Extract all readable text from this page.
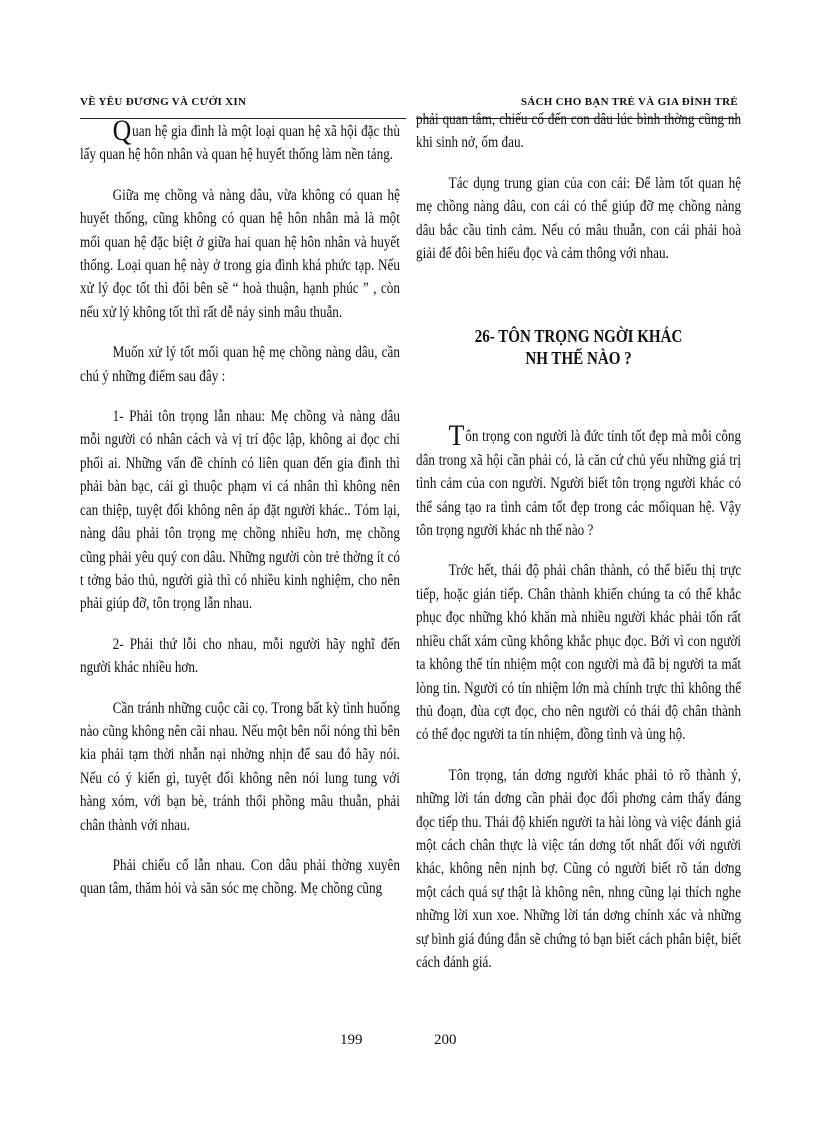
VỀ YÊU ĐƯƠNG VÀ CƯỚI XIN

Quan hệ gia đình là một loại quan hệ xã hội đặc thù lấy quan hệ hôn nhân và quan hệ huyết thống làm nền tảng.

Giữa mẹ chồng và nàng dâu, vừa không có quan hệ huyết thống, cũng không có quan hệ hôn nhân mà là một mối quan hệ đặc biệt ở giữa hai quan hệ hôn nhân và huyết thống. Loại quan hệ này ở trong gia đình khá phức tạp. Nếu xử lý đọc tốt thì đôi bên sẽ “ hoà thuận, hạnh phúc ” , còn nếu xử lý không tốt thì rất dễ nảy sinh mâu thuẫn.

Muốn xử lý tốt mối quan hệ mẹ chồng nàng dâu, cần chú ý những điểm sau đây :

1- Phải tôn trọng lẫn nhau: Mẹ chồng và nàng dâu mỗi người có nhân cách và vị trí độc lập, không ai đọc chi phối ai. Những vấn đề chính có liên quan đến gia đình thì phải bàn bạc, cái gì thuộc phạm vi cá nhân thì không nên can thiệp, tuyệt đối không nên áp đặt người khác.. Tóm lại, nàng dâu phải tôn trọng mẹ chồng nhiều hơn, mẹ chồng cũng phải yêu quý con dâu. Những người còn trẻ thờng ít có t tởng bảo thủ, người già thì có nhiều kinh nghiệm, cho nên phải giúp đỡ, tôn trọng lẫn nhau.

2- Phải thứ lỗi cho nhau, mỗi người hãy nghĩ đến người khác nhiều hơn.

Cần tránh những cuộc cãi cọ. Trong bất kỳ tình huống nào cũng không nên cãi nhau. Nếu một bên nổi nóng thì bên kia phải tạm thời nhẫn nại nhờng nhịn để sau đó hãy nói. Nếu có ý kiến gì, tuyệt đối không nên nói lung tung với hàng xóm, với bạn bè, tránh thổi phồng mâu thuẫn, phải chân thành với nhau.

Phải chiếu cố lẫn nhau. Con dâu phải thờng xuyên quan tâm, thăm hỏi và săn sóc mẹ chồng. Mẹ chồng cũng

199
SÁCH CHO BẠN TRẺ VÀ GIA ĐÌNH TRẺ

phải quan tâm, chiếu cố đến con dâu lúc bình thờng cũng nh khi sinh nở, ốm đau.

Tác dụng trung gian của con cái: Để làm tốt quan hệ mẹ chồng nàng dâu, con cái có thể giúp đỡ mẹ chồng nàng dâu bắc cầu tình cảm. Nếu có mâu thuẫn, con cái phải hoà giải để đôi bên hiểu đọc và cảm thông với nhau.

26- TÔN TRỌNG NGỜI KHÁC
NH THẾ NÀO ?

Tôn trọng con người là đức tính tốt đẹp mà mỗi công dân trong xã hội cần phải có, là căn cứ chủ yếu những giá trị tình cảm của con người. Người biết tôn trọng người khác có thể sáng tạo ra tình cảm tốt đẹp trong các mốiquan hệ. Vậy tôn trọng người khác nh thế nào ?

Trớc hết, thái độ phải chân thành, có thể biểu thị trực tiếp, hoặc gián tiếp. Chân thành khiến chúng ta có thể khắc phục đọc những khó khăn mà nhiều người khác phải tốn rất nhiều chất xám cũng không khắc phục đọc. Bởi vì con người ta không thể tín nhiệm một con người mà đã bị người ta mất lòng tin. Người có tín nhiệm lớn mà chính trực thì không thể thủ đoạn, đùa cợt đọc, cho nên người có thái độ chân thành có thể đọc người ta tín nhiệm, đồng tình và ủng hộ.

Tôn trọng, tán dơng người khác phải tỏ rõ thành ý, những lời tán dơng cần phải đọc đối phơng cảm thấy đáng đọc tiếp thu. Thái độ khiến người ta hài lòng và việc đánh giá một cách chân thực là việc tán dơng tốt nhất đối với người khác, không nên nịnh bợ. Cũng có người biết rõ tán dơng một cách quá sự thật là không nên, nhng cũng lại thích nghe những lời xun xoe. Những lời tán dơng chính xác và những sự bình giá đúng đắn sẽ chứng tỏ bạn biết cách phân biệt, biết cách đánh giá.

200
